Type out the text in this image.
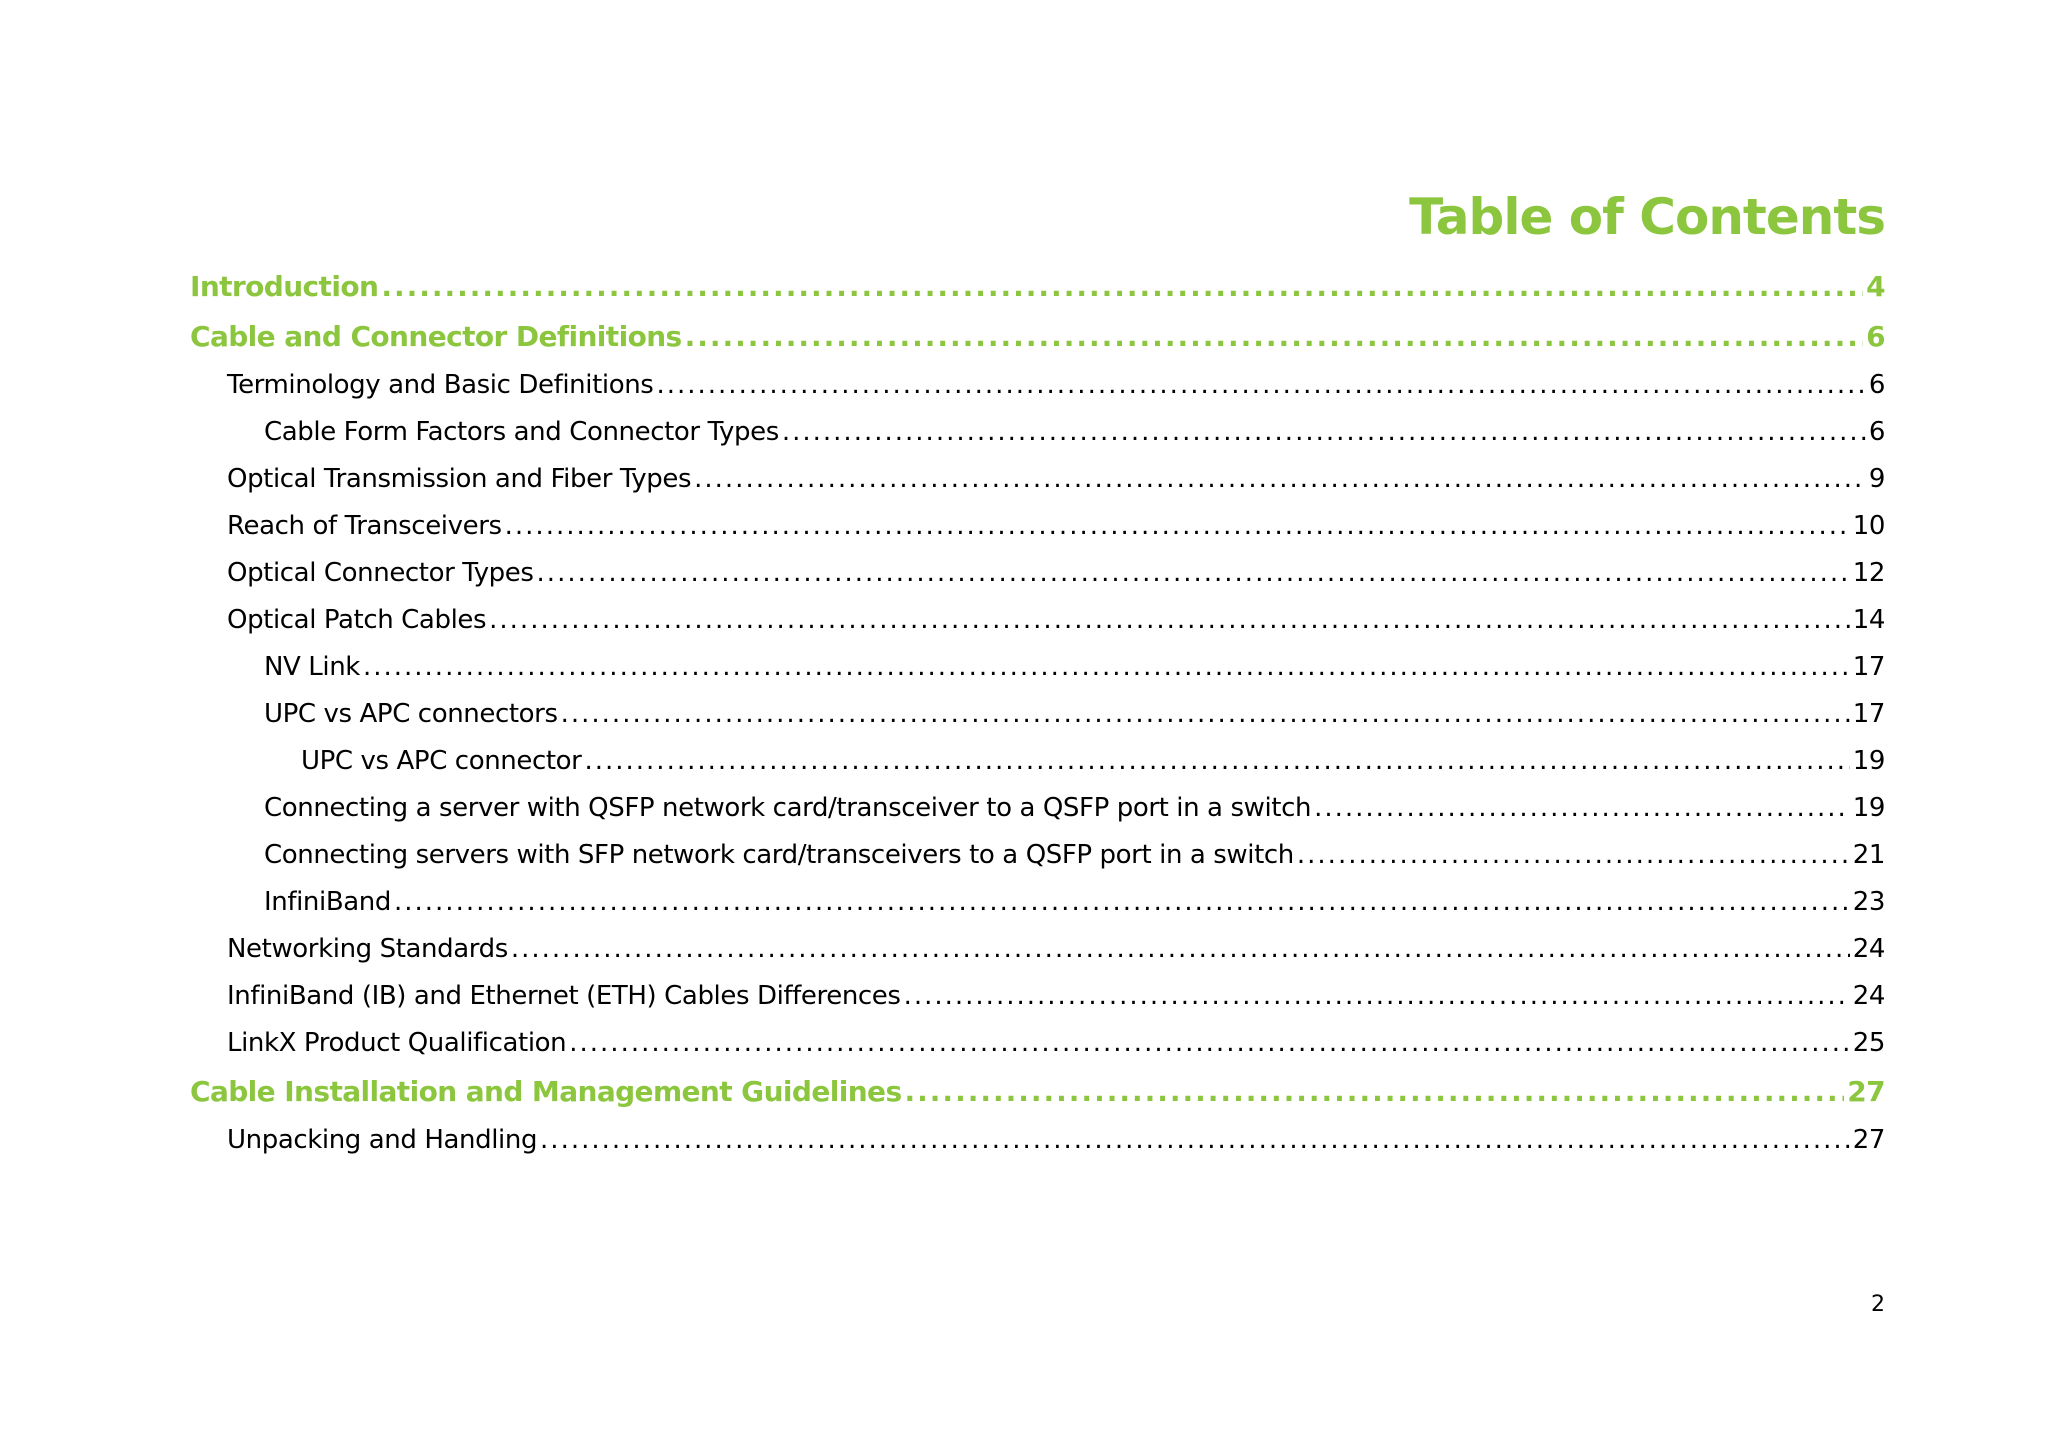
Table of Contents
Introduction .....	4
Cable and Connector Definitions .....	6
Terminology and Basic Definitions .....	6
Cable Form Factors and Connector Types .....	6
Optical Transmission and Fiber Types .....	9
Reach of Transceivers .....	10
Optical Connector Types .....	12
Optical Patch Cables .....	14
NV Link .....	17
UPC vs APC connectors .....	17
UPC vs APC connector .....	19
Connecting a server with QSFP network card/transceiver to a QSFP port in a switch .....	19
Connecting servers with SFP network card/transceivers to a QSFP port in a switch .....	21
InfiniBand .....	23
Networking Standards .....	24
InfiniBand (IB) and Ethernet (ETH) Cables Differences .....	24
LinkX Product Qualification .....	25
Cable Installation and Management Guidelines .....	27
Unpacking and Handling .....	27
2
